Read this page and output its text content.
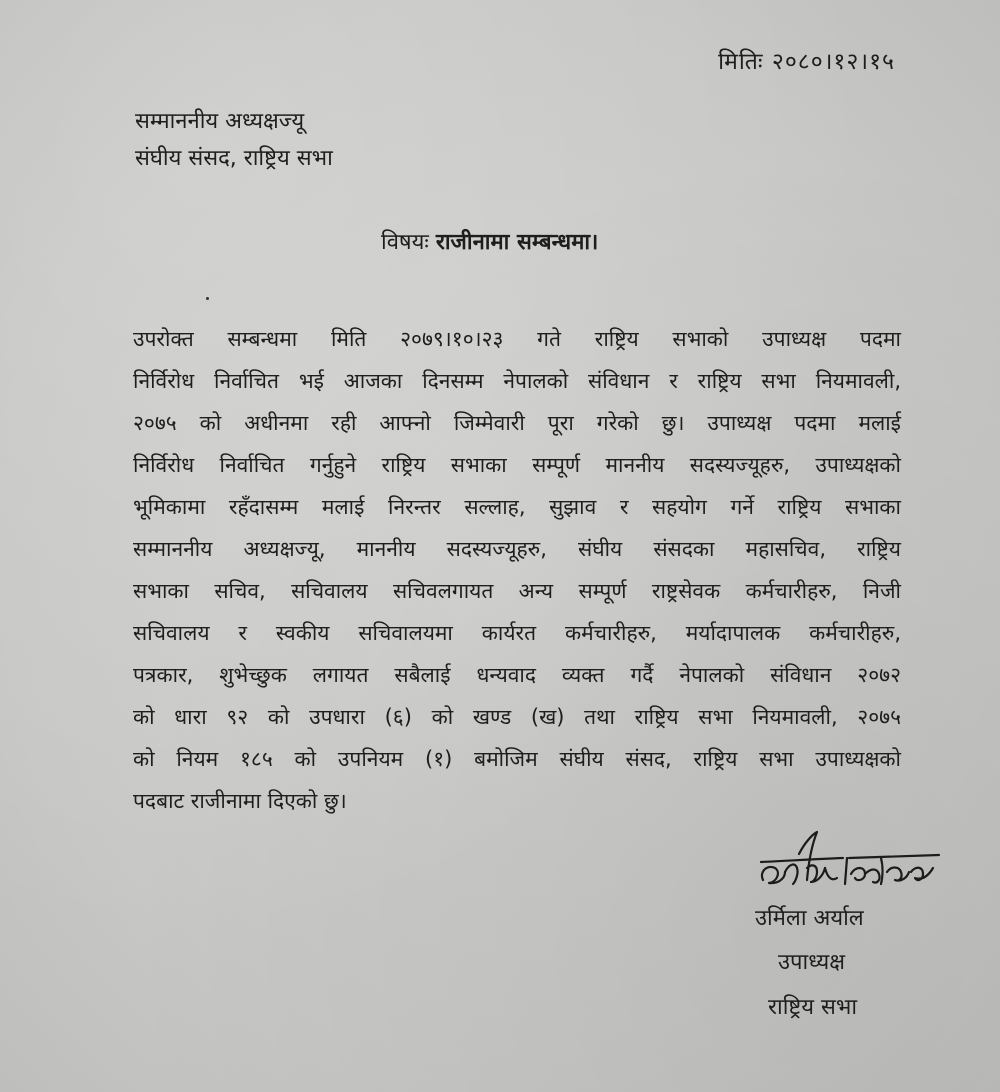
मितिः २०८०।१२।१५
सम्माननीय अध्यक्षज्यू
संघीय संसद, राष्ट्रिय सभा
विषयः राजीनामा सम्बन्धमा।
उपरोक्त सम्बन्धमा मिति २०७९।१०।२३ गते राष्ट्रिय सभाको उपाध्यक्ष पदमा
निर्विरोध निर्वाचित भई आजका दिनसम्म नेपालको संविधान र राष्ट्रिय सभा नियमावली,
२०७५ को अधीनमा रही आफ्नो जिम्मेवारी पूरा गरेको छु। उपाध्यक्ष पदमा मलाई
निर्विरोध निर्वाचित गर्नुहुने राष्ट्रिय सभाका सम्पूर्ण माननीय सदस्यज्यूहरु, उपाध्यक्षको
भूमिकामा रहँदासम्म मलाई निरन्तर सल्लाह, सुझाव र सहयोग गर्ने राष्ट्रिय सभाका
सम्माननीय अध्यक्षज्यू, माननीय सदस्यज्यूहरु, संघीय संसदका महासचिव, राष्ट्रिय
सभाका सचिव, सचिवालय सचिवलगायत अन्य सम्पूर्ण राष्ट्रसेवक कर्मचारीहरु, निजी
सचिवालय र स्वकीय सचिवालयमा कार्यरत कर्मचारीहरु, मर्यादापालक कर्मचारीहरु,
पत्रकार, शुभेच्छुक लगायत सबैलाई धन्यवाद व्यक्त गर्दै नेपालको संविधान २०७२
को धारा ९२ को उपधारा (६) को खण्ड (ख) तथा राष्ट्रिय सभा नियमावली, २०७५
को नियम १८५ को उपनियम (१) बमोजिम संघीय संसद, राष्ट्रिय सभा उपाध्यक्षको
पदबाट राजीनामा दिएको छु।
उर्मिला अर्याल
उपाध्यक्ष
राष्ट्रिय सभा
